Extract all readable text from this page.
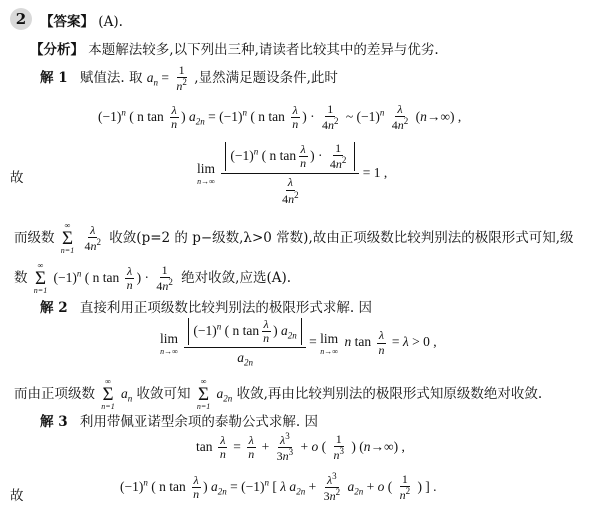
2	【答案】 (A).
【分析】 本题解法较多,以下列出三种,请读者比较其中的差异与优劣.
解 1 赋值法. 取 $a_n = \frac{1}{n^2}$ ,显然满足题设条件,此时
$(-1)^n$ ( n $\tan \frac{\lambda}{n}$ ) $a_{2n} = (-1)^n$ ( n $\tan \frac{\lambda}{n}$ ) · $\frac{1}{4n^2}$ ~ $(-1)^n \frac{\lambda}{4n^2} (n\to\infty)$ ,
故
lim
n→∞
$\frac{(-1)^n ( n \tan \frac{\lambda}{n} ) \cdot \frac{1}{4n^2}}{\frac{\lambda}{4n^2}} = 1$ ,
而级数
∞
Σ
n=1
$\frac{\lambda}{4n^2}$ 收敛(p=2 的 p−级数,λ>0 常数),故由正项级数比较判别法的极限形式可知,级
数
∞
Σ
n=1
$(-1)^n$ ( n $\tan \frac{\lambda}{n}$ ) · $\frac{1}{4n^2}$ 绝对收敛,应选(A).
解 2 直接利用正项级数比较判别法的极限形式求解. 因
lim
n→∞
$\frac{(-1)^n ( n \tan \frac{\lambda}{n} ) a_{2n}}{a_{2n}} = \lim$
n→∞
n $\tan \frac{\lambda}{n} = \lambda > 0$ ,
而由正项级数
∞
Σ
n=1
$a_n$ 收敛可知
∞
Σ
n=1
$a_{2n}$ 收敛,再由比较判别法的极限形式知原级数绝对收敛.
解 3 利用带佩亚诺型余项的泰勒公式求解. 因
$\tan \frac{\lambda}{n} = \frac{\lambda}{n} + \frac{\lambda^3}{3n^3} + o$ ( $\frac{1}{n^3}$ ) (n→∞) ,
故
$(-1)^n$ ( n $\tan \frac{\lambda}{n}$ ) $a_{2n} = (-1)^n$ [ λ $a_{2n} + \frac{\lambda^3}{3n^2} a_{2n} + o$ ( $\frac{1}{n^2}$ ) ] .
